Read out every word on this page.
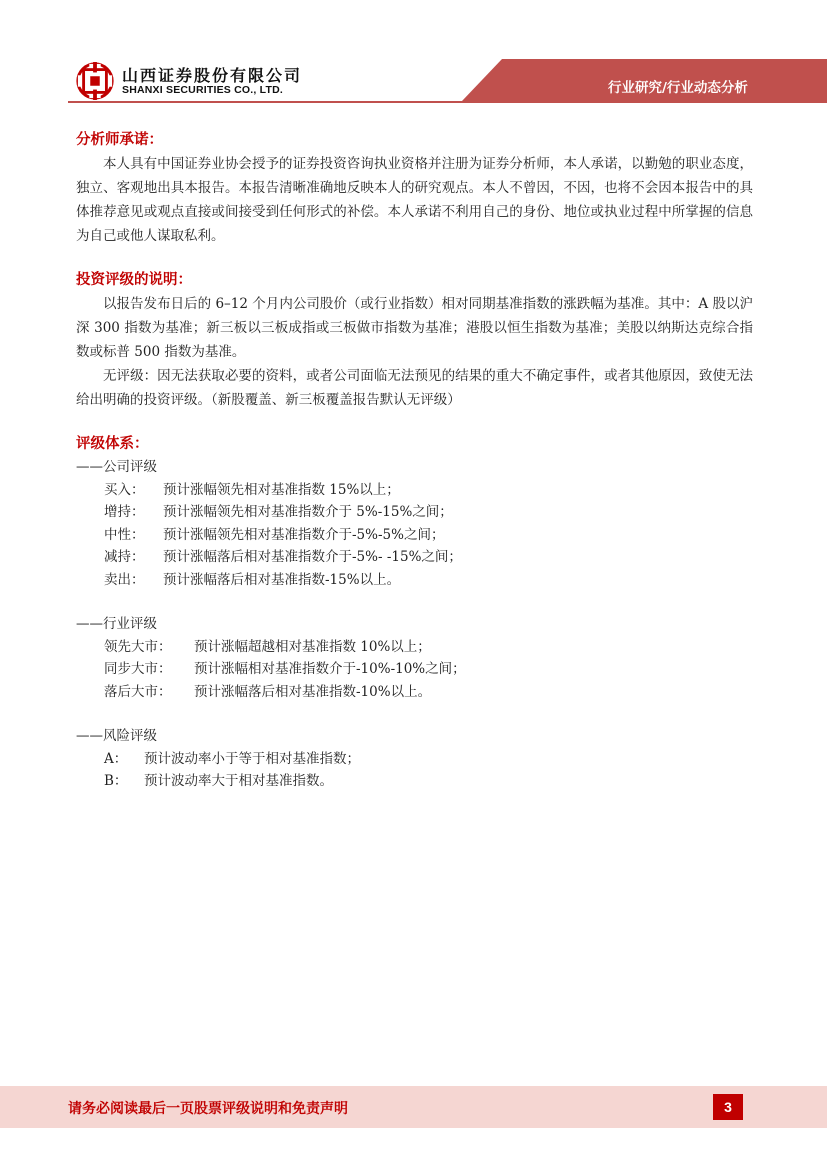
山西证券股份有限公司
SHANXI SECURITIES CO., LTD.	行业研究/行业动态分析
分析师承诺：

本人具有中国证券业协会授予的证券投资咨询执业资格并注册为证券分析师，本人承诺，以勤勉的职业态度，独立、客观地出具本报告。本报告清晰准确地反映本人的研究观点。本人不曾因，不因，也将不会因本报告中的具体推荐意见或观点直接或间接受到任何形式的补偿。本人承诺不利用自己的身份、地位或执业过程中所掌握的信息为自己或他人谋取私利。

投资评级的说明：

以报告发布日后的 6–12 个月内公司股价（或行业指数）相对同期基准指数的涨跌幅为基准。其中：A 股以沪深 300 指数为基准；新三板以三板成指或三板做市指数为基准；港股以恒生指数为基准；美股以纳斯达克综合指数或标普 500 指数为基准。

无评级：因无法获取必要的资料，或者公司面临无法预见的结果的重大不确定事件，或者其他原因，致使无法给出明确的投资评级。（新股覆盖、新三板覆盖报告默认无评级）

评级体系：

——公司评级

买入：	预计涨幅领先相对基准指数 15%以上；
增持：	预计涨幅领先相对基准指数介于 5%-15%之间；
中性：	预计涨幅领先相对基准指数介于-5%-5%之间；
减持：	预计涨幅落后相对基准指数介于-5%- -15%之间；
卖出：	预计涨幅落后相对基准指数-15%以上。

——行业评级

领先大市：	预计涨幅超越相对基准指数 10%以上；
同步大市：	预计涨幅相对基准指数介于-10%-10%之间；
落后大市：	预计涨幅落后相对基准指数-10%以上。

——风险评级

A：	预计波动率小于等于相对基准指数；
B：	预计波动率大于相对基准指数。
请务必阅读最后一页股票评级说明和免责声明	3
